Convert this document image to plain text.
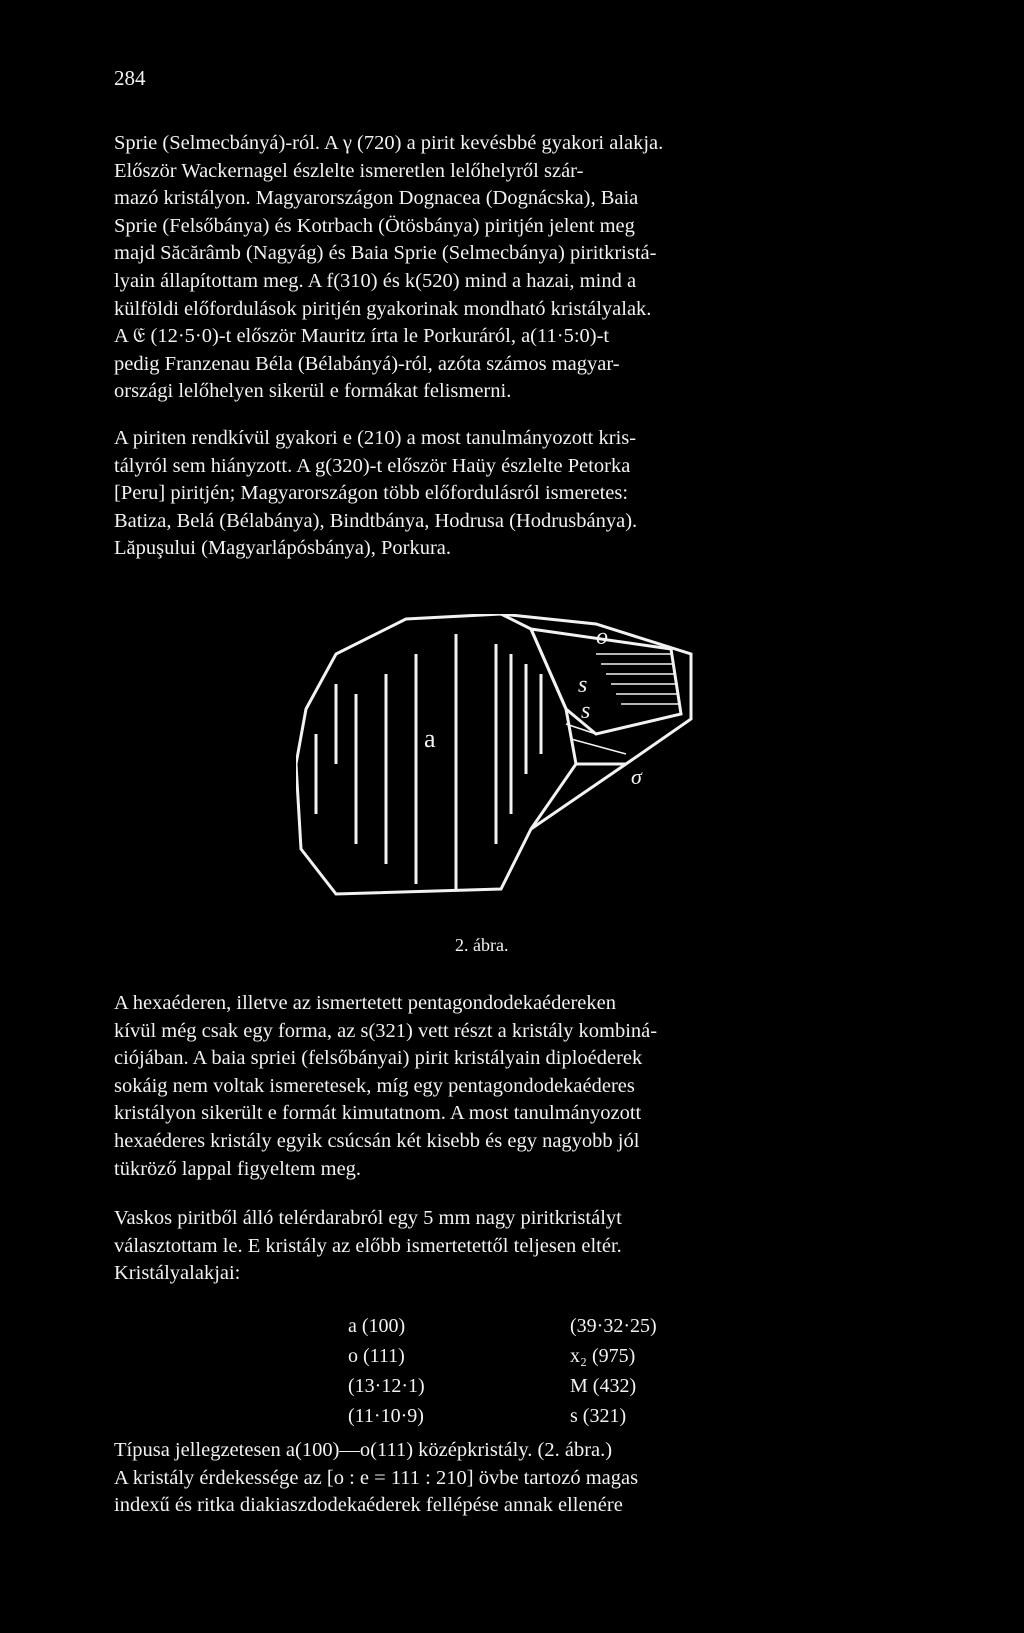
284

Sprie (Selmecbányá)-ról. A γ (720) a pirit kevésbbé gyakori alakja.
Először Wackernagel észlelte ismeretlen lelőhelyről szár-
mazó kristályon. Magyarországon Dognacea (Dognácska), Baia
Sprie (Felsőbánya) és Kotrbach (Ötösbánya) piritjén jelent meg
majd Săcărâmb (Nagyág) és Baia Sprie (Selmecbánya) piritkristá-
lyain állapítottam meg. A f(310) és k(520) mind a hazai, mind a
külföldi előfordulások piritjén gyakorinak mondható kristályalak.
A 𝔈 (12·5·0)-t először Mauritz írta le Porkuráról, a(11·5:0)-t
pedig Franzenau Béla (Bélabányá)-ról, azóta számos magyar-
országi lelőhelyen sikerül e formákat felismerni.

A piriten rendkívül gyakori e (210) a most tanulmányozott kris-
tályról sem hiányzott. A g(320)-t először Haüy észlelte Petorka
[Peru] piritjén; Magyarországon több előfordulásról ismeretes:
Batiza, Belá (Bélabánya), Bindtbánya, Hodrusa (Hodrusbánya).
Lăpuşului (Magyarlápósbánya), Porkura.

a
o
s
s
σ
2. ábra.

A hexaéderen, illetve az ismertetett pentagondodekaédereken
kívül még csak egy forma, az s(321) vett részt a kristály kombiná-
ciójában. A baia spriei (felsőbányai) pirit kristályain diploéderek
sokáig nem voltak ismeretesek, míg egy pentagondodekaéderes
kristályon sikerült e formát kimutatnom. A most tanulmányozott
hexaéderes kristály egyik csúcsán két kisebb és egy nagyobb jól
tükröző lappal figyeltem meg.

Vaskos piritből álló telérdarabról egy 5 mm nagy piritkristályt
választottam le. E kristály az előbb ismertetettől teljesen eltér.
Kristályalakjai:

a (100)	(39·32·25)
o (111)	x₂ (975)
(13·12·1)	M (432)
(11·10·9)	s (321)

Típusa jellegzetesen a(100)—o(111) középkristály. (2. ábra.)
A kristály érdekessége az [o : e = 111 : 210] övbe tartozó magas
indexű és ritka diakiaszdodekaéderek fellépése annak ellenére
